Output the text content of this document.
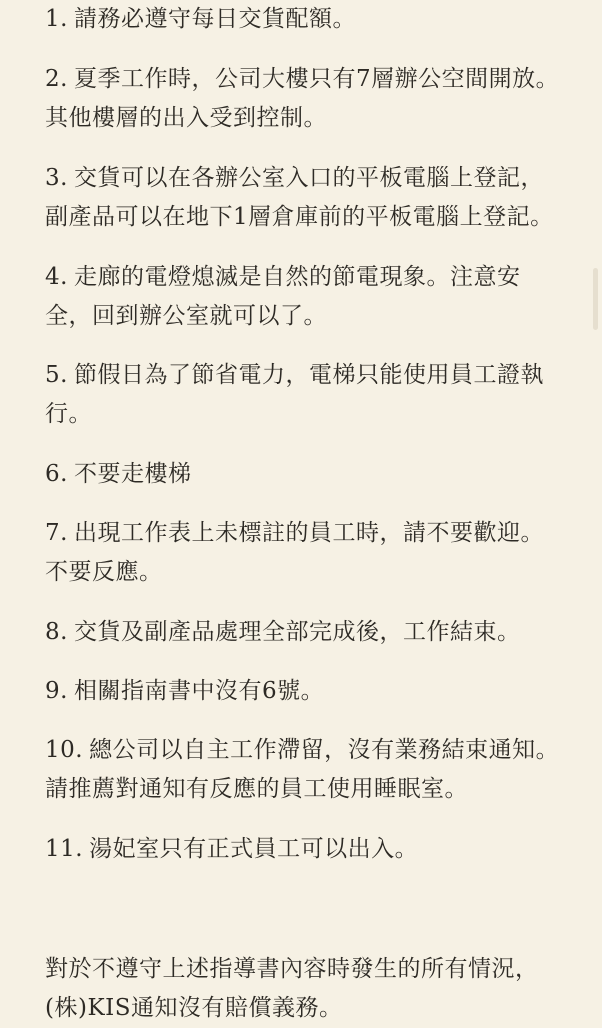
1. 請務必遵守每日交貨配額。

2. 夏季工作時，公司大樓只有7層辦公空間開放。其他樓層的出入受到控制。

3. 交貨可以在各辦公室入口的平板電腦上登記，副產品可以在地下1層倉庫前的平板電腦上登記。

4. 走廊的電燈熄滅是自然的節電現象。注意安全，回到辦公室就可以了。

5. 節假日為了節省電力，電梯只能使用員工證執行。

6. 不要走樓梯

7. 出現工作表上未標註的員工時，請不要歡迎。不要反應。

8. 交貨及副產品處理全部完成後，工作結束。

9. 相關指南書中沒有6號。

10. 總公司以自主工作滯留，沒有業務結束通知。請推薦對通知有反應的員工使用睡眠室。

11. 湯妃室只有正式員工可以出入。

對於不遵守上述指導書內容時發生的所有情況，(株)KIS通知沒有賠償義務。
